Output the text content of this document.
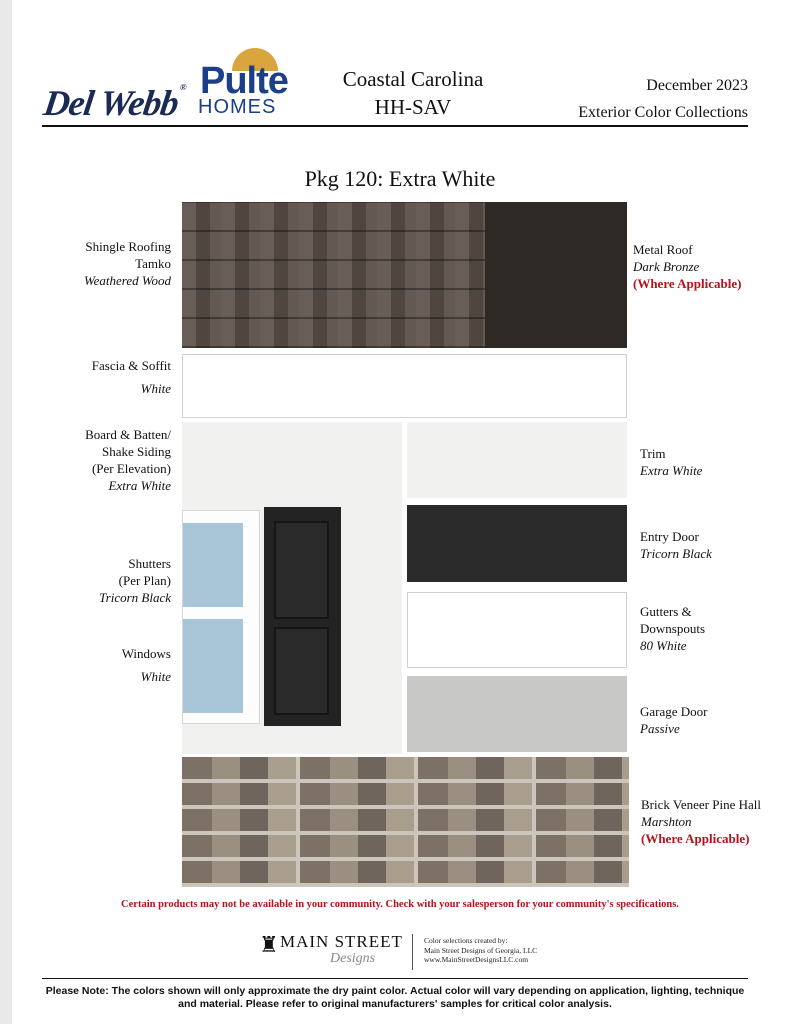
Del Webb® Pulte
HOMES
Coastal Carolina
HH-SAV
December 2023
Exterior Color Collections
Pkg 120: Extra White
Shingle Roofing
Tamko
Weathered Wood
Fascia & Soffit
White
Board & Batten/
Shake Siding
(Per Elevation)
Extra White
Shutters
(Per Plan)
Tricorn Black
Windows
White
Metal Roof
Dark Bronze
(Where Applicable)
Trim
Extra White
Entry Door
Tricorn Black
Gutters &
Downspouts
80 White
Garage Door
Passive
Brick Veneer Pine Hall
Marshton
(Where Applicable)
Certain products may not be available in your community. Check with your salesperson for your community's specifications.
♜ MAIN STREET
Designs
Color selections created by:
Main Street Designs of Georgia, LLC
www.MainStreetDesignsLLC.com
Please Note: The colors shown will only approximate the dry paint color. Actual color will vary depending on application, lighting, technique and material. Please refer to original manufacturers' samples for critical color analysis.
